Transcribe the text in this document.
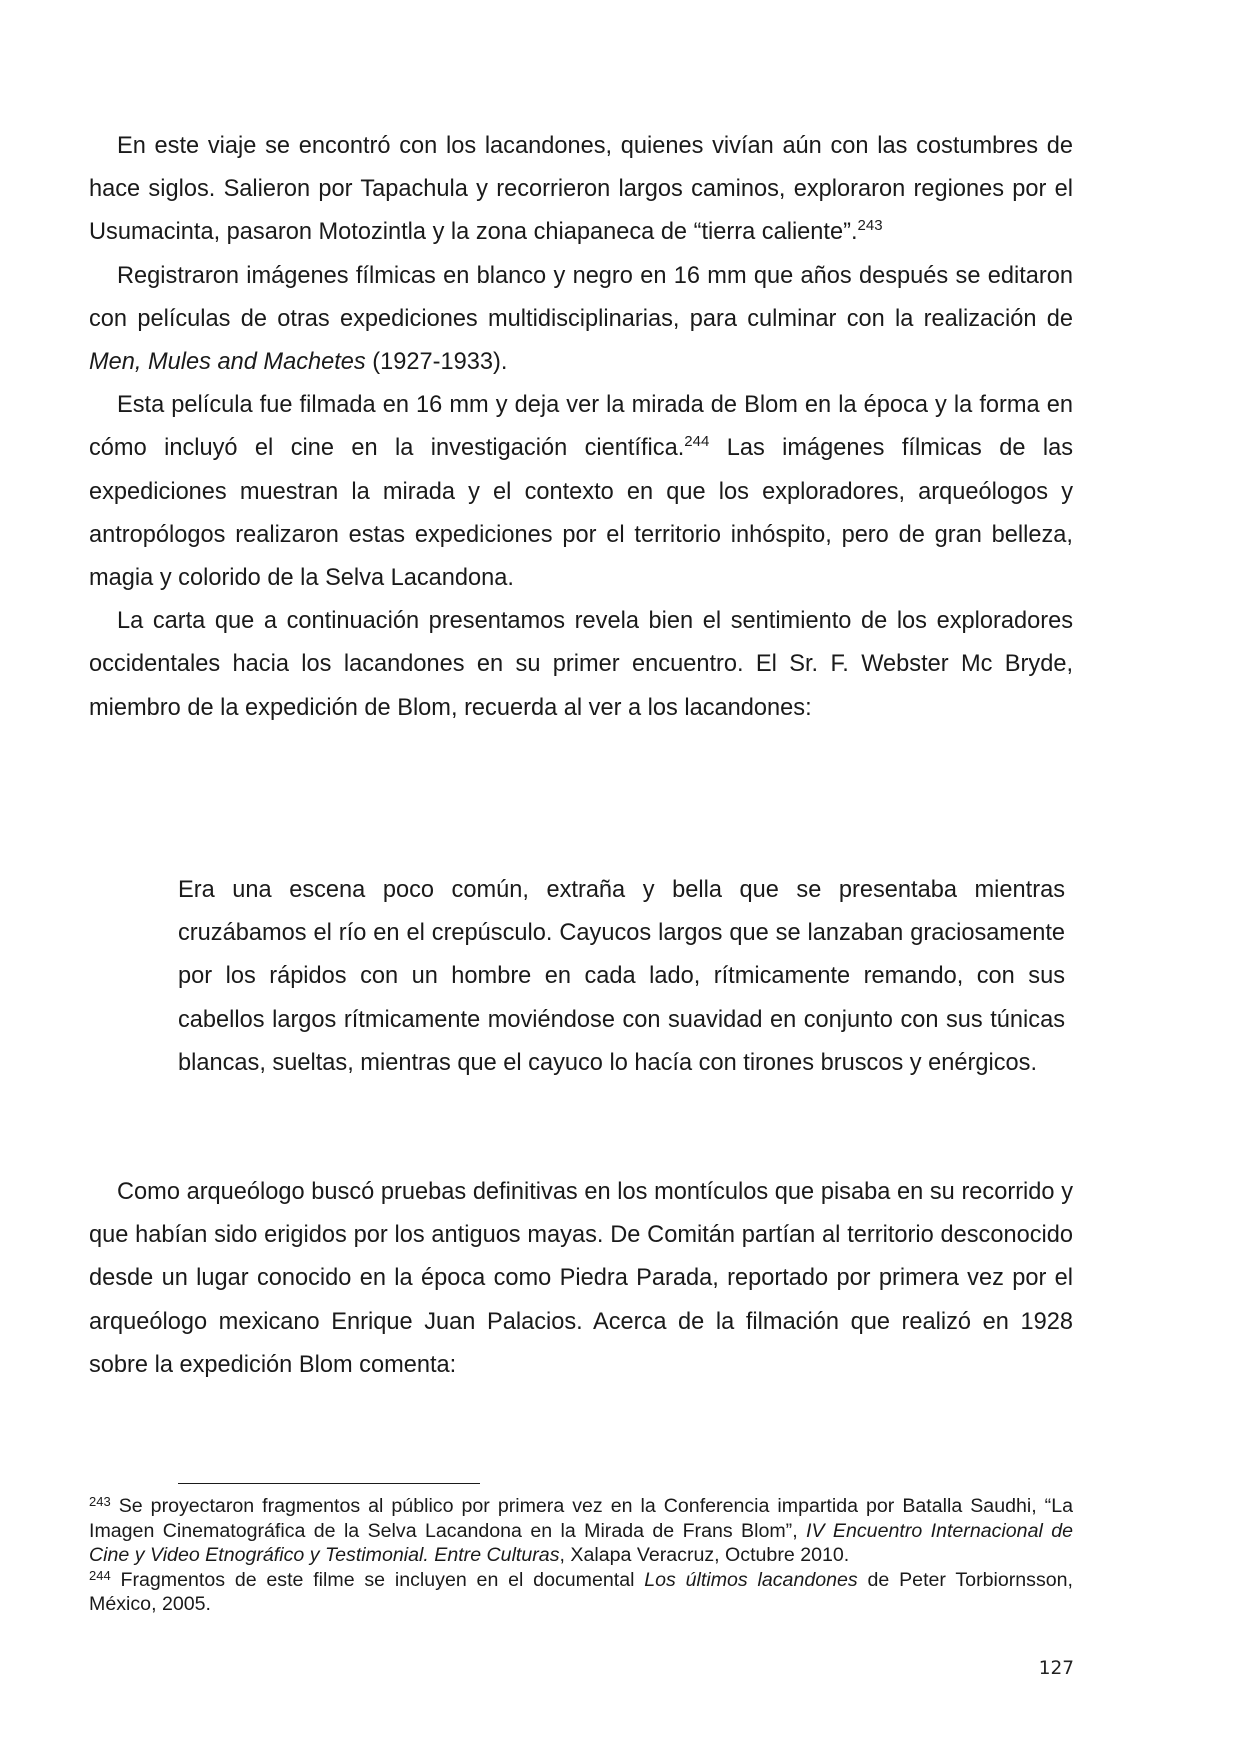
En este viaje se encontró con los lacandones, quienes vivían aún con las costumbres de hace siglos. Salieron por Tapachula y recorrieron largos caminos, exploraron regiones por el Usumacinta, pasaron Motozintla y la zona chiapaneca de “tierra caliente”.$^{243}$

Registraron imágenes fílmicas en blanco y negro en 16 mm que años después se editaron con películas de otras expediciones multidisciplinarias, para culminar con la realización de Men, Mules and Machetes (1927-1933).

Esta película fue filmada en 16 mm y deja ver la mirada de Blom en la época y la forma en cómo incluyó el cine en la investigación científica.$^{244}$ Las imágenes fílmicas de las expediciones muestran la mirada y el contexto en que los exploradores, arqueólogos y antropólogos realizaron estas expediciones por el territorio inhóspito, pero de gran belleza, magia y colorido de la Selva Lacandona.

La carta que a continuación presentamos revela bien el sentimiento de los exploradores occidentales hacia los lacandones en su primer encuentro. El Sr. F. Webster Mc Bryde, miembro de la expedición de Blom, recuerda al ver a los lacandones:

Era una escena poco común, extraña y bella que se presentaba mientras cruzábamos el río en el crepúsculo. Cayucos largos que se lanzaban graciosamente por los rápidos con un hombre en cada lado, rítmicamente remando, con sus cabellos largos rítmicamente moviéndose con suavidad en conjunto con sus túnicas blancas, sueltas, mientras que el cayuco lo hacía con tirones bruscos y enérgicos.

Como arqueólogo buscó pruebas definitivas en los montículos que pisaba en su recorrido y que habían sido erigidos por los antiguos mayas. De Comitán partían al territorio desconocido desde un lugar conocido en la época como Piedra Parada, reportado por primera vez por el arqueólogo mexicano Enrique Juan Palacios. Acerca de la filmación que realizó en 1928 sobre la expedición Blom comenta:

$^{243}$ Se proyectaron fragmentos al público por primera vez en la Conferencia impartida por Batalla Saudhi, “La Imagen Cinematográfica de la Selva Lacandona en la Mirada de Frans Blom”, IV Encuentro Internacional de Cine y Video Etnográfico y Testimonial. Entre Culturas, Xalapa Veracruz, Octubre 2010.

$^{244}$ Fragmentos de este filme se incluyen en el documental Los últimos lacandones de Peter Torbiornsson, México, 2005.

127
